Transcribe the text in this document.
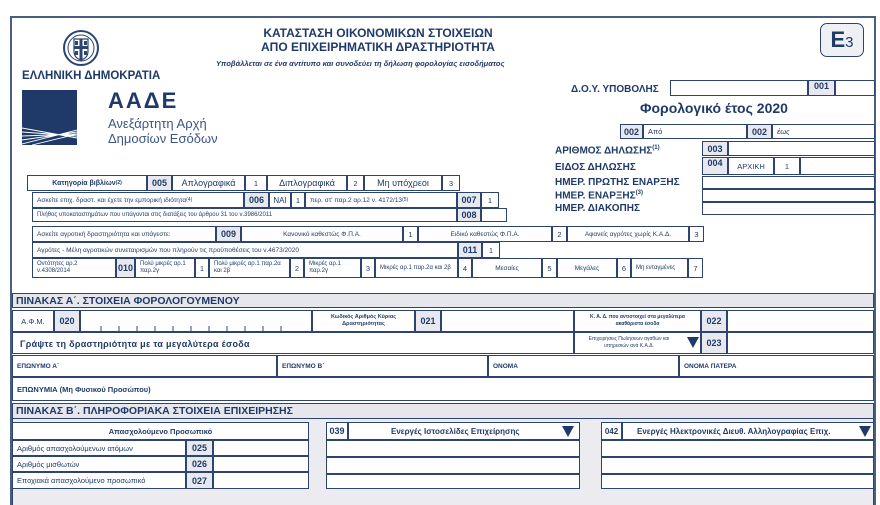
ΕΛΛΗΝΙΚΗ ΔΗΜΟΚΡΑΤΙΑ
ΑΑΔΕ
Ανεξάρτητη Αρχή
Δημοσίων Εσόδων
ΚΑΤΑΣΤΑΣΗ ΟΙΚΟΝΟΜΙΚΩΝ ΣΤΟΙΧΕΙΩΝ
ΑΠΟ ΕΠΙΧΕΙΡΗΜΑΤΙΚΗ ΔΡΑΣΤΗΡΙΟΤΗΤΑ
Υποβάλλεται σε ένα αντίτυπο και συνοδεύει τη δήλωση φορολογίας εισοδήματος
E3
Δ.Ο.Υ. ΥΠΟΒΟΛΗΣ	001
Φορολογικό έτος 2020
002	Από	002	έως
ΑΡΙΘΜΟΣ ΔΗΛΩΣΗΣ$^{(1)}$	003
ΕΙΔΟΣ ΔΗΛΩΣΗΣ	004	ΑΡΧΙΚΗ	1
ΗΜΕΡ. ΠΡΩΤΗΣ ΕΝΑΡΞΗΣ
ΗΜΕΡ. ΕΝΑΡΞΗΣ$^{(3)}$
ΗΜΕΡ. ΔΙΑΚΟΠΗΣ
Κατηγορία βιβλίων (2)	005	Απλογραφικά	1	Διπλογραφικά	2	Μη υπόχρεοι	3
Ασκείτε επιχ. δραστ. και έχετε την εμπορική ιδιότητα (4)	006	ΝΑΙ	1	περ. στ' παρ.2 αρ.12 ν. 4172/13 (5)	007	1
Πλήθος υποκαταστημάτων που υπάγονται στις διατάξεις του άρθρου 31 του ν.3986/2011	008
Ασκείτε αγροτική δραστηριότητα και υπάγεστε:	009	Κανονικό καθεστώς Φ.Π.Α.	1	Ειδικό καθεστώς Φ.Π.Α.	2	Αφανείς αγρότες χωρίς Κ.Α.Δ.	3
Αγρότες - Μέλη αγροτικών συνεταιρισμών που πληρούν τις προϋποθέσεις του ν.4673/2020	011	1
Οντότητες αρ.2 ν.4308/2014	010	Πολύ μικρές αρ.1 παρ.2γ	1	Πολύ μικρές αρ.1 παρ.2α και 2β	2	Μικρές αρ.1 παρ.2γ	3	Μικρές αρ.1 παρ.2α και 2β	4	Μεσαίες	5	Μεγάλες	6	Μη ενταγμένες	7
ΠΙΝΑΚΑΣ Α΄. ΣΤΟΙΧΕΙΑ ΦΟΡΟΛΟΓΟΥΜΕΝΟΥ
Α.Φ.Μ.	020	Κωδικός Αριθμός Κύριας Δραστηριότητας	021	Κ. Α. Δ. που αντιστοιχεί στα μεγαλύτερα ακαθάριστα έσοδα	022
Γράψτε τη δραστηριότητα με τα μεγαλύτερα έσοδα	Επιχειρήσεις Πωλήσεων αγαθών και υπηρεσιών ανά Κ.Α.Δ.	023
ΕΠΩΝΥΜΟ Α΄	ΕΠΩΝΥΜΟ Β΄	ΟΝΟΜΑ	ΟΝΟΜΑ ΠΑΤΕΡΑ
ΕΠΩΝΥΜΙΑ (Μη Φυσικού Προσώπου)
ΠΙΝΑΚΑΣ Β΄. ΠΛΗΡΟΦΟΡΙΑΚΑ ΣΤΟΙΧΕΙΑ ΕΠΙΧΕΙΡΗΣΗΣ
Απασχολούμενο Προσωπικό
Αριθμός απασχολούμενων ατόμων	025
Αριθμός μισθωτών	026
Εποχιακά απασχολούμενο προσωπικό	027
039	Ενεργές Ιστοσελίδες Επιχείρησης	042	Ενεργές Ηλεκτρονικές Διευθ. Αλληλογραφίας Επιχ.
